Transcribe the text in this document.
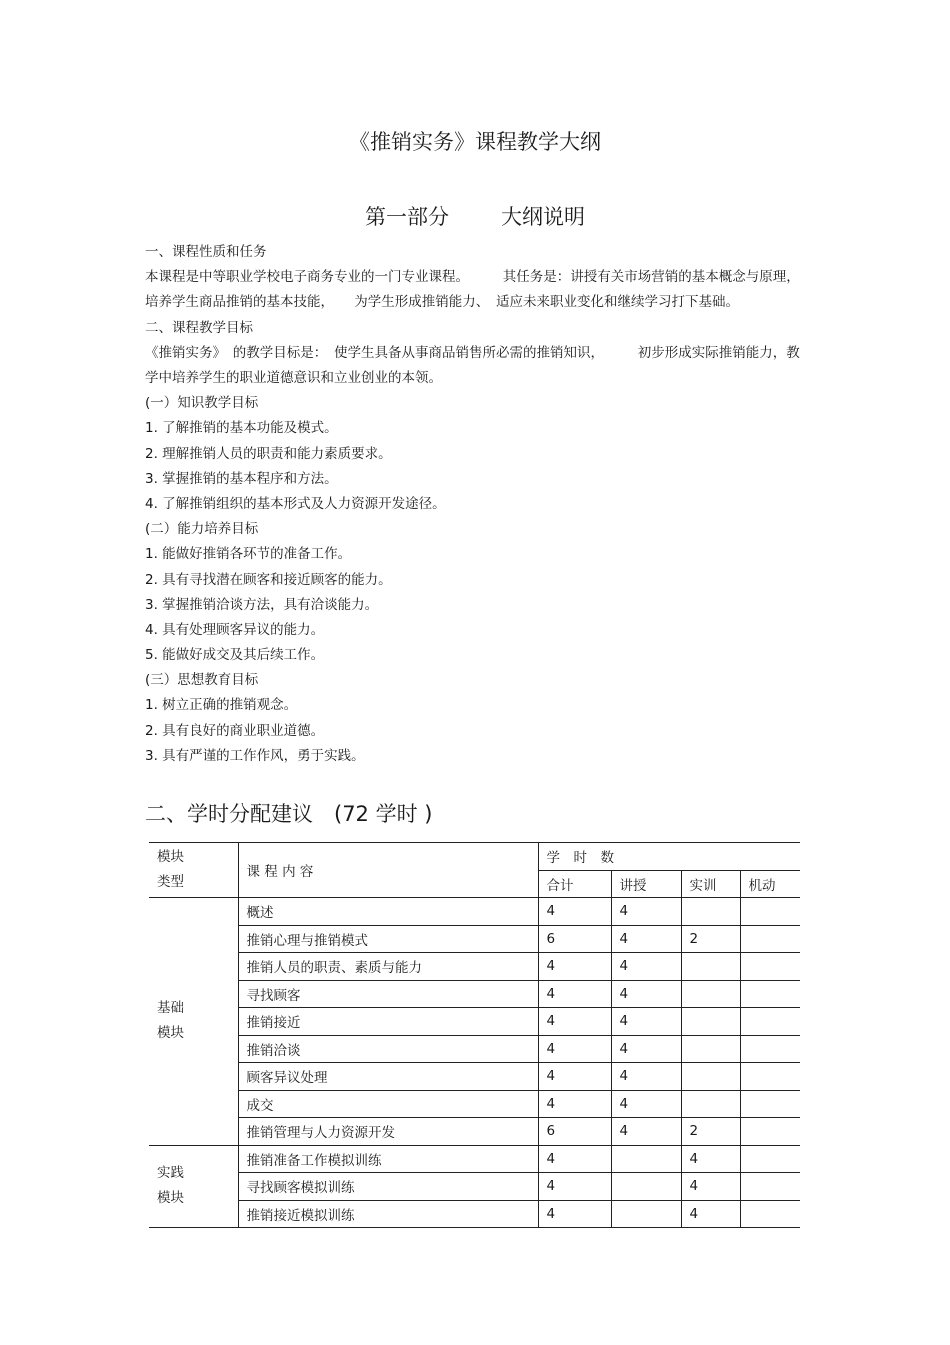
《推销实务》课程教学大纲
第一部分 大纲说明
一、课程性质和任务

本课程是中等职业学校电子商务专业的一门专业课程。　　　其任务是：讲授有关市场营销的基本概念与原理，　培养学生商品推销的基本技能，　　为学生形成推销能力、　适应未来职业变化和继续学习打下基础。

二、课程教学目标

《推销实务》　的教学目标是：　使学生具备从事商品销售所必需的推销知识，　　　初步形成实际推销能力，教学中培养学生的职业道德意识和立业创业的本领。

(一）知识教学目标
1. 了解推销的基本功能及模式。
2. 理解推销人员的职责和能力素质要求。
3. 掌握推销的基本程序和方法。
4. 了解推销组织的基本形式及人力资源开发途径。
(二）能力培养目标
1. 能做好推销各环节的准备工作。
2. 具有寻找潜在顾客和接近顾客的能力。
3. 掌握推销洽谈方法，具有洽谈能力。
4. 具有处理顾客异议的能力。
5. 能做好成交及其后续工作。
(三）思想教育目标
1. 树立正确的推销观念。
2. 具有良好的商业职业道德。
3. 具有严谨的工作作风，勇于实践。
二、学时分配建议　(72 学时 )
模块
类型	课 程 内 容	学　时　数			
		合计	讲授	实训	机动

基础
模块	概述	4	4		
	推销心理与推销模式	6	4	2	
	推销人员的职责、素质与能力	4	4		
	寻找顾客	4	4		
	推销接近	4	4		
	推销洽谈	4	4		
	顾客异议处理	4	4		
	成交	4	4		
	推销管理与人力资源开发	6	4	2	

实践
模块	推销准备工作模拟训练	4		4	
	寻找顾客模拟训练	4		4	
	推销接近模拟训练	4		4	
